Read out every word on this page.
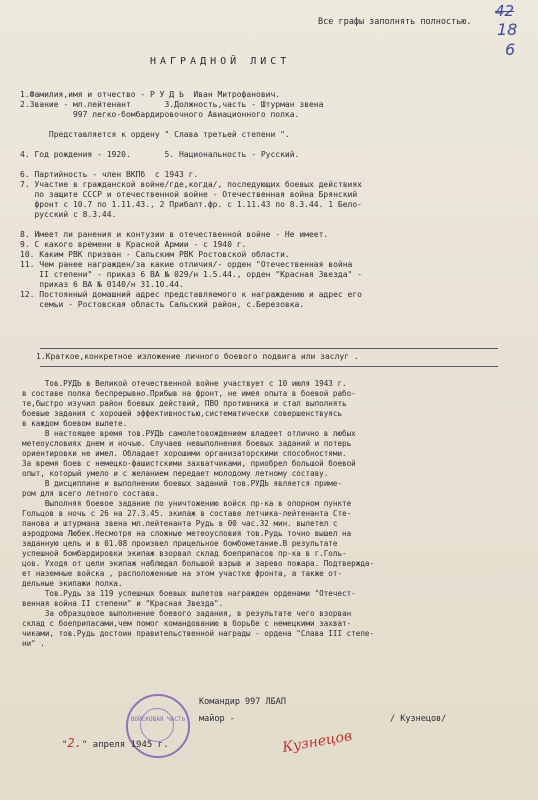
Все графы заполнять полностью.
42
18
6
НАГРАДНОЙ ЛИСТ
1.Фамилия,имя и отчество - Р У Д Ь  Иван Митрофанович.
2.Звание - мл.лейтенант       3.Должность,часть - Штурман звена
997 легко-бомбардировочного Авиационного полка.
Представляется к ордену " Слава третьей степени ".
4. Год рождения - 1920.       5. Национальность - Русский.
6. Партийность - член ВКПб  с 1943 г.
7. Участие в гражданской войне/где,когда/, последующих боевых действиях
по защите СССР и отечественной войне - Отечественная война Брянский
фронт с 10.7 по 1.11.43., 2 Прибалт.фр. с 1.11.43 по 8.3.44. 1 Бело-
русский с 8.3.44.
8. Имеет ли ранения и контузии в отечественной войне - Не имеет.
9. С какого времени в Красной Армии - с 1940 г.
10. Каким РВК призван - Сальским РВК Ростовской области.
11. Чем ранее награжден/за какие отличия/- орден "Отечественная война
II степени" - приказ 6 ВА № 029/н 1.5.44., орден "Красная Звезда" -
приказ 6 ВА № 0140/н 31.10.44.
12. Постоянный домашний адрес представляемого к награждению и адрес его
семьи - Ростовская область Сальский район, с.Березовка.
1.Краткое,конкретное изложение личного боевого подвига или заслуг .
Тов.РУДЬ в Великой отечественной войне участвует с 10 июля 1943 г.
в составе полка беспрерывно.Прибыв на фронт, не имея опыта в боевой рабо-
те,быстро изучил район боевых действий, ПВО противника и стал выполнять
боевые задания с хорошей эффективностью,систематически совершенствуясь
в каждом боевом вылете.
В настоящее время тов.РУДЬ самолетовождением владеет отлично в любых
метеоусловиях днем и ночью. Случаев невыполнения боевых заданий и потерь
ориентировки не имел. Обладает хорошими организаторскими способностями.
За время боев с немецко-фашистскими захватчиками, приобрел большой боевой
опыт, который умело и с желанием передает молодому летному составу.
В дисциплине и выполнении боевых заданий тов.РУДЬ является приме-
ром для всего летного состава.
Выполняя боевое задание по уничтожению войск пр-ка в опорном пункте
Гольцов в ночь с 26 на 27.3.45. экипаж в составе летчика-лейтенанта Сте-
панова и штурмана звена мл.лейтенанта Рудь в 00 час.32 мин. вылетел с
аэродрома Любек.Несмотря на сложные метеоусловия тов.Рудь точно вышел на
заданную цель и в 01.08 произвел прицельное бомбометание.В результате
успешной бомбардировки экипаж взорвал склад боеприпасов пр-ка в г.Голь-
цов. Уходя от цели экипаж наблюдал большой взрыв и зарево пожара. Подтвержда-
ет наземные войска , расположенные на этом участке фронта, а также от-
дельные экипажи полка.
Тов.Рудь за 119 успешных боевых вылетов награжден орденами "Отечест-
венная война II степени" и "Красная Звезда".
За образцовое выполнение боевого задания, в результате чего взорван
склад с боеприпасами,чем помог командованию в борьбе с немецкими захват-
чиками, тов.Рудь достоин правительственной награды - ордена "Слава III степе-
ни" .
ВОЙСКОВАЯ ЧАСТЬ
Командир 997 ЛБАП
майор -	/ Кузнецов/
Кузнецов
"2." апреля 1945 г.
